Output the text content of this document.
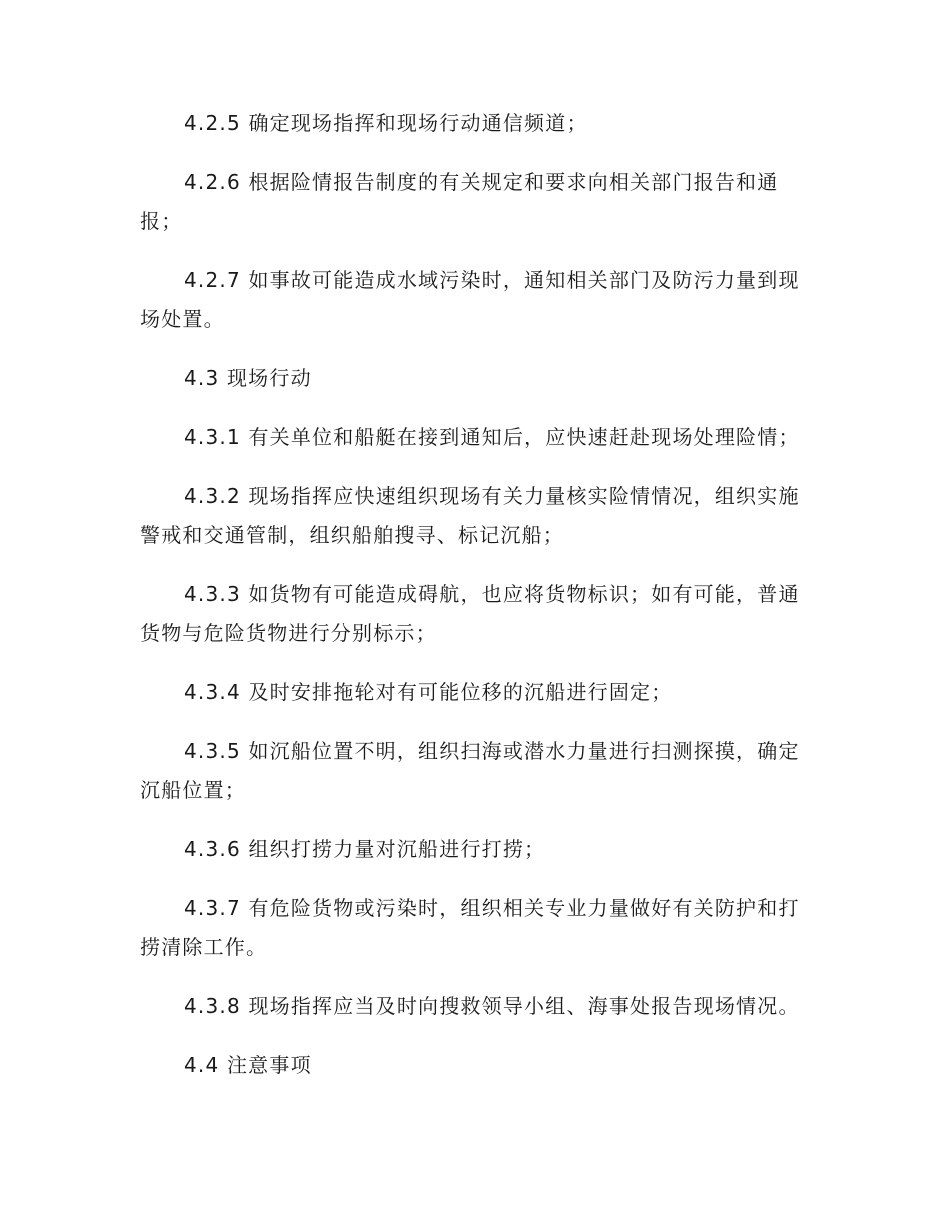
4.2.5 确定现场指挥和现场行动通信频道；

4.2.6 根据险情报告制度的有关规定和要求向相关部门报告和通报；

4.2.7 如事故可能造成水域污染时，通知相关部门及防污力量到现场处置。

4.3 现场行动

4.3.1 有关单位和船艇在接到通知后，应快速赶赴现场处理险情；

4.3.2 现场指挥应快速组织现场有关力量核实险情情况，组织实施警戒和交通管制，组织船舶搜寻、标记沉船；

4.3.3 如货物有可能造成碍航，也应将货物标识；如有可能，普通货物与危险货物进行分别标示；

4.3.4 及时安排拖轮对有可能位移的沉船进行固定；

4.3.5 如沉船位置不明，组织扫海或潜水力量进行扫测探摸，确定沉船位置；

4.3.6 组织打捞力量对沉船进行打捞；

4.3.7 有危险货物或污染时，组织相关专业力量做好有关防护和打捞清除工作。

4.3.8 现场指挥应当及时向搜救领导小组、海事处报告现场情况。

4.4 注意事项
